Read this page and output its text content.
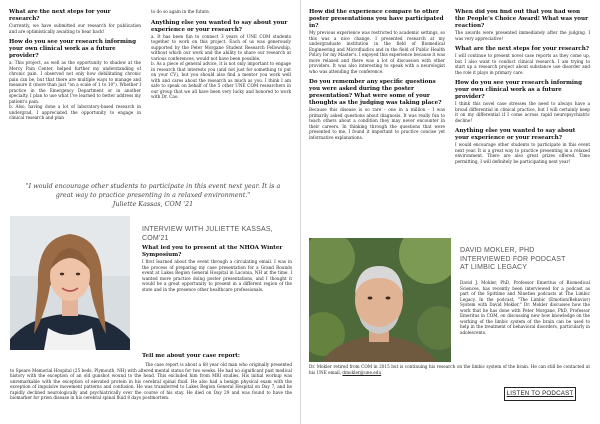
What are the next steps for your research?

Currently, we have submitted our research for publication and are optimistically awaiting to hear back!

How do you see your research informing your own clinical work as a future provider?

a. This project, as well as the opportunity to shadow at the Mercy Pain Center, helped further my understanding of chronic pain. I observed not only how debilitating chronic pain can be, but that there are multiple ways to manage and measure it (more than just "on a scale of 1 to 10"). Whether I practice in the Emergency Department or in another specialty, I plan to use what I've learned to better address my patient's pain.

b. Also, having done a lot of laboratory-based research in undergrad, I appreciated the opportunity to engage in clinical research and plan

to do so again in the future.

Anything else you wanted to say about your experience or your research?

a. It has been fun to connect 3 years of UNE COM students together to work on this project. Each of us was generously supported by the Peter Morgane Student Research Fellowship, without which our work and the ability to share our research at various conferences, would not have been possible.

b. As a piece of general advice, it is not only important to engage in research that interests you (and not just for something to put on your CV), but you should also find a mentor you work well with and cares about the research as much as you. I think I am safe to speak on behalf of the 5 other UNE COM researchers in our group that we all have been very lucky and honored to work with Dr. Cao.

"I would encourage other students to participate in this event next year. It is a great way to practice presenting in a relaxed environment."
Juliette Kassas, COM '21
INTERVIEW WITH JULIETTE KASSAS, COM'21
What led you to present at the NHOA Winter Symposium?

I first learned about the event through a circulating email. I was in the process of preparing my case presentation for a Grand Rounds event at Lakes Region General Hospital in Laconia, NH at the time. I wanted more practice doing poster presentations, and I thought it would be a great opportunity to present in a different region of the state and in the presence other healthcare professionals.

Tell me about your case report:

The case report is about a 68 year old man who originally presented to Speare Memorial Hospital (25 beds, Plymouth, NH) with altered mental status for two weeks. He had no significant past medical history with the exception of an old gunshot wound to the head. This excluded him from MRI studies. His initial workup was unremarkable with the exception of elevated protein in his cerebral spinal fluid. He also had a benign physical exam with the exception of impulsive movement patterns and confusion. He was transferred to Lakes Region General Hospital on Day 7, and he rapidly declined neurologically and psychiatrically over the course of his stay. He died on Day 29 and was found to have the biomarker for prion disease in his cerebral spinal fluid 8 days postmortem.

How did the experience compare to other poster presentations you have participated in?

My previous experience was restricted to academic settings, so this was a nice change. I presented research at my undergraduate institution in the field of Biomedical Engineering and Microfluidics and in the field of Public Health Policy for my Master's. I enjoyed this experience because it was more relaxed and there was a lot of discussion with other providers. It was also interesting to speak with a neurologist who was attending the conference.

Do you remember any specific questions you were asked during the poster presentation? What were some of your thoughts as the judging was taking place?

Because this disease is so rare - one in a million - I was primarily asked questions about diagnosis. It was really fun to teach others about a condition they may never encounter in their careers. In thinking through the questions that were presented to me, I found it important to practice concise yet informative explanations.

When did you find out that you had won the People's Choice Award! What was your reaction?

The awards were presented immediately after the judging. I was very appreciative!

What are the next steps for your research?

I will continue to present novel case reports as they come up, but I also want to conduct clinical research. I am trying to start up a research project about substance use disorder and the role it plays in primary care.

How do you see your research informing your own clinical work as a future provider?

I think this novel case stresses the need to always have a broad differential in clinical practice, but I will certainly keep it on my differential if I come across rapid neuropsychiatric decline!

Anything else you wanted to say about your experience or your research?

I would encourage other students to participate in this event next year. It is a great way to practice presenting in a relaxed environment. There are also great prizes offered. Time permitting, I will definitely be participating next year!

DAVID MOKLER, PHD
INTERVIEWED FOR PODCAST
AT LIMBIC LEGACY

David J. Mokler, PhD, Professor Emeritus of Biomedical Sciences, has recently been interviewed for a podcast as part of the Spittime and Nineties podcasts at The Limbic Legacy. In the podcast, "The Limbic (Emotion/Behavior) System with David Mokler," Dr. Mokler discusses how the work that he has done with Peter Morgane, PhD, Professor Emeritus in COM, on discussing new how knowledge on the working of the limbic system of the brain can be used to help in the treatment of behavioral disorders, particularly in adolescents.

Dr. Mokler retired from COM in 2015 but is continuing his research on the limbic system of the brain. He can still be contacted at his UNE email, dmokler@une.edu

LISTEN TO PODCAST
